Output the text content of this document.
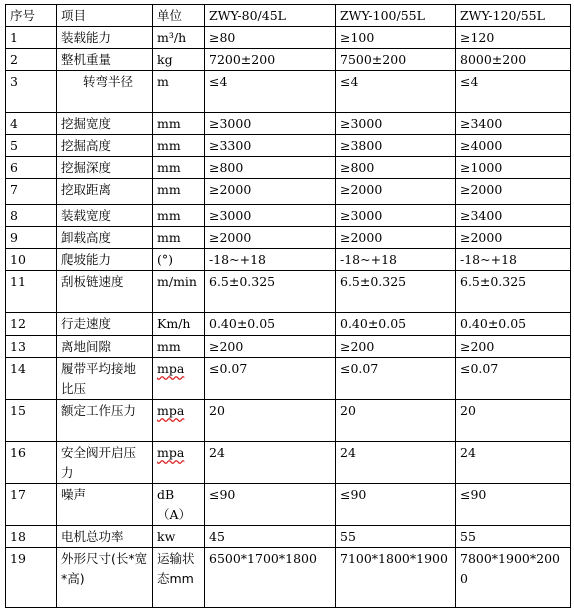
序号	项目	单位	ZWY-80/45L	ZWY-100/55L	ZWY-120/55L
1	装载能力	m³/h	≥80	≥100	≥120
2	整机重量	kg	7200±200	7500±200	8000±200
3	转弯半径	m	≤4	≤4	≤4
4	挖掘宽度	mm	≥3000	≥3000	≥3400
5	挖掘高度	mm	≥3300	≥3800	≥4000
6	挖掘深度	mm	≥800	≥800	≥1000
7	挖取距离	mm	≥2000	≥2000	≥2000
8	装载宽度	mm	≥3000	≥3000	≥3400
9	卸载高度	mm	≥2000	≥2000	≥2000
10	爬坡能力	(°)	-18~+18	-18~+18	-18~+18
11	刮板链速度	m/min	6.5±0.325	6.5±0.325	6.5±0.325
12	行走速度	Km/h	0.40±0.05	0.40±0.05	0.40±0.05
13	离地间隙	mm	≥200	≥200	≥200
14	履带平均接地比压	mpa	≤0.07	≤0.07	≤0.07
15	额定工作压力	mpa	20	20	20
16	安全阀开启压力	mpa	24	24	24
17	噪声	dB（A）	≤90	≤90	≤90
18	电机总功率	kw	45	55	55
19	外形尺寸(长*宽*高)	运输状态mm	6500*1700*1800	7100*1800*1900	7800*1900*2000
